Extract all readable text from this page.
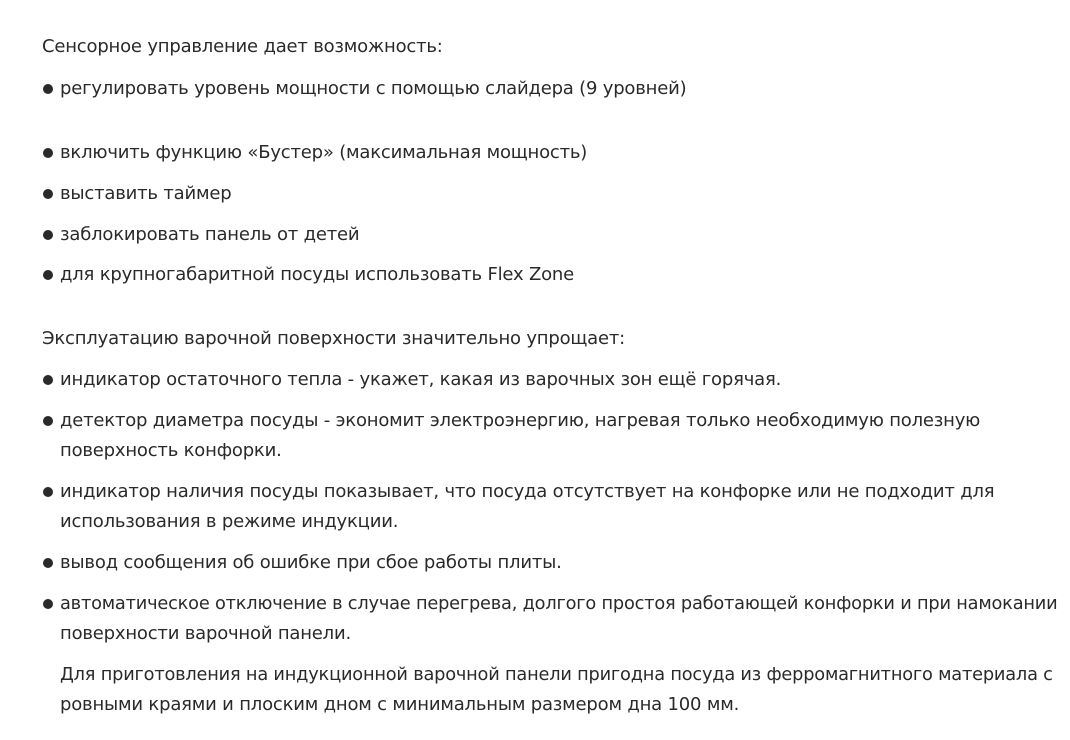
Сенсорное управление дает возможность:
регулировать уровень мощности с помощью слайдера (9 уровней)
включить функцию «Бустер» (максимальная мощность)
выставить таймер
заблокировать панель от детей
для крупногабаритной посуды использовать Flex Zone
Эксплуатацию варочной поверхности значительно упрощает:
индикатор остаточного тепла - укажет, какая из варочных зон ещё горячая.
детектор диаметра посуды - экономит электроэнергию, нагревая только необходимую полезную
поверхность конфорки.
индикатор наличия посуды показывает, что посуда отсутствует на конфорке или не подходит для
использования в режиме индукции.
вывод сообщения об ошибке при сбое работы плиты.
автоматическое отключение в случае перегрева, долгого простоя работающей конфорки и при намокании
поверхности варочной панели.
Для приготовления на индукционной варочной панели пригодна посуда из ферромагнитного материала с
ровными краями и плоским дном с минимальным размером дна 100 мм.
